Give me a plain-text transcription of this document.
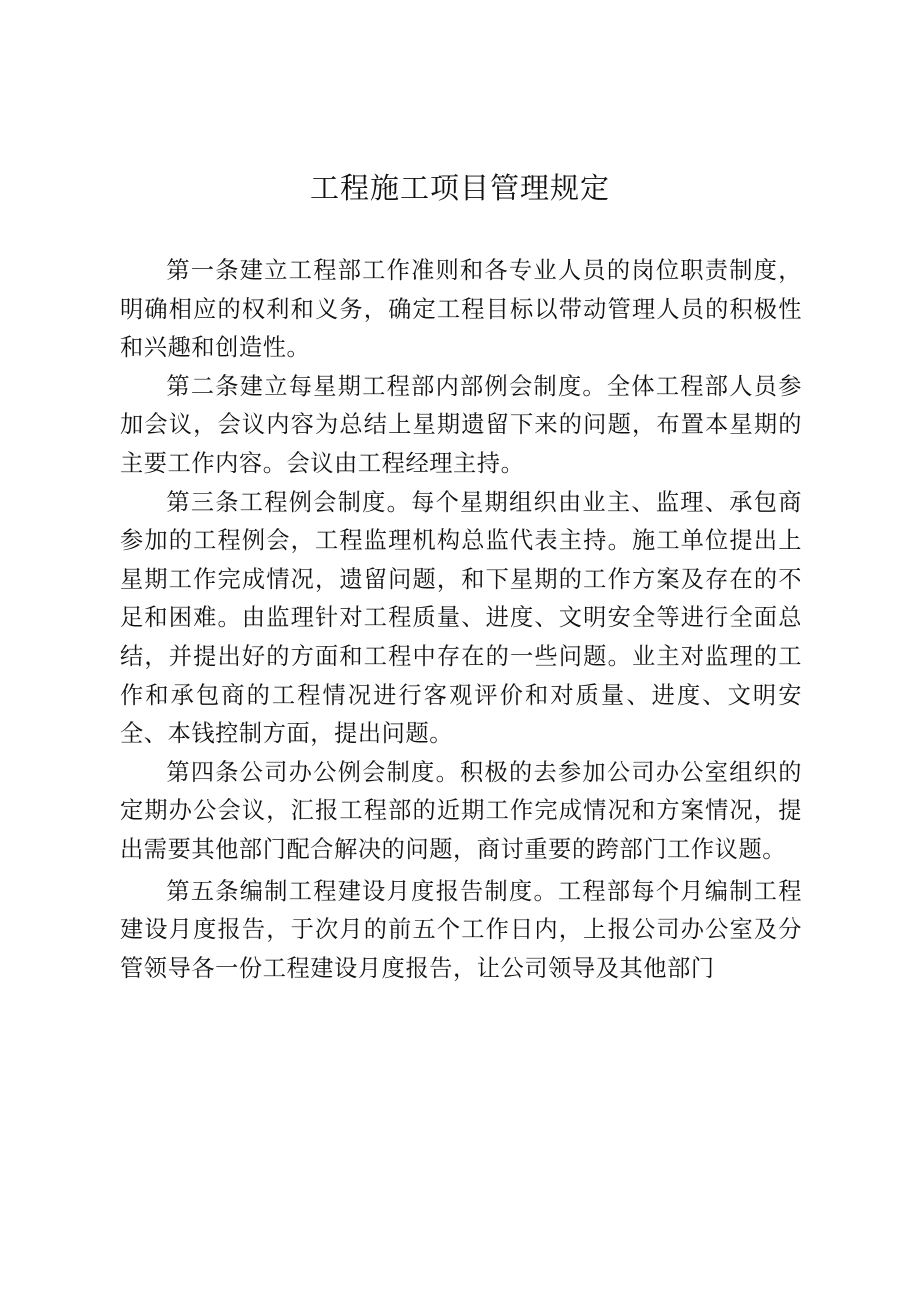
工程施工项目管理规定

第一条建立工程部工作准则和各专业人员的岗位职责制度，明确相应的权利和义务，确定工程目标以带动管理人员的积极性和兴趣和创造性。

第二条建立每星期工程部内部例会制度。全体工程部人员参加会议，会议内容为总结上星期遗留下来的问题，布置本星期的主要工作内容。会议由工程经理主持。

第三条工程例会制度。每个星期组织由业主、监理、承包商参加的工程例会，工程监理机构总监代表主持。施工单位提出上星期工作完成情况，遗留问题，和下星期的工作方案及存在的不足和困难。由监理针对工程质量、进度、文明安全等进行全面总结，并提出好的方面和工程中存在的一些问题。业主对监理的工作和承包商的工程情况进行客观评价和对质量、进度、文明安全、本钱控制方面，提出问题。

第四条公司办公例会制度。积极的去参加公司办公室组织的定期办公会议，汇报工程部的近期工作完成情况和方案情况，提出需要其他部门配合解决的问题，商讨重要的跨部门工作议题。

第五条编制工程建设月度报告制度。工程部每个月编制工程建设月度报告，于次月的前五个工作日内，上报公司办公室及分管领导各一份工程建设月度报告，让公司领导及其他部门
